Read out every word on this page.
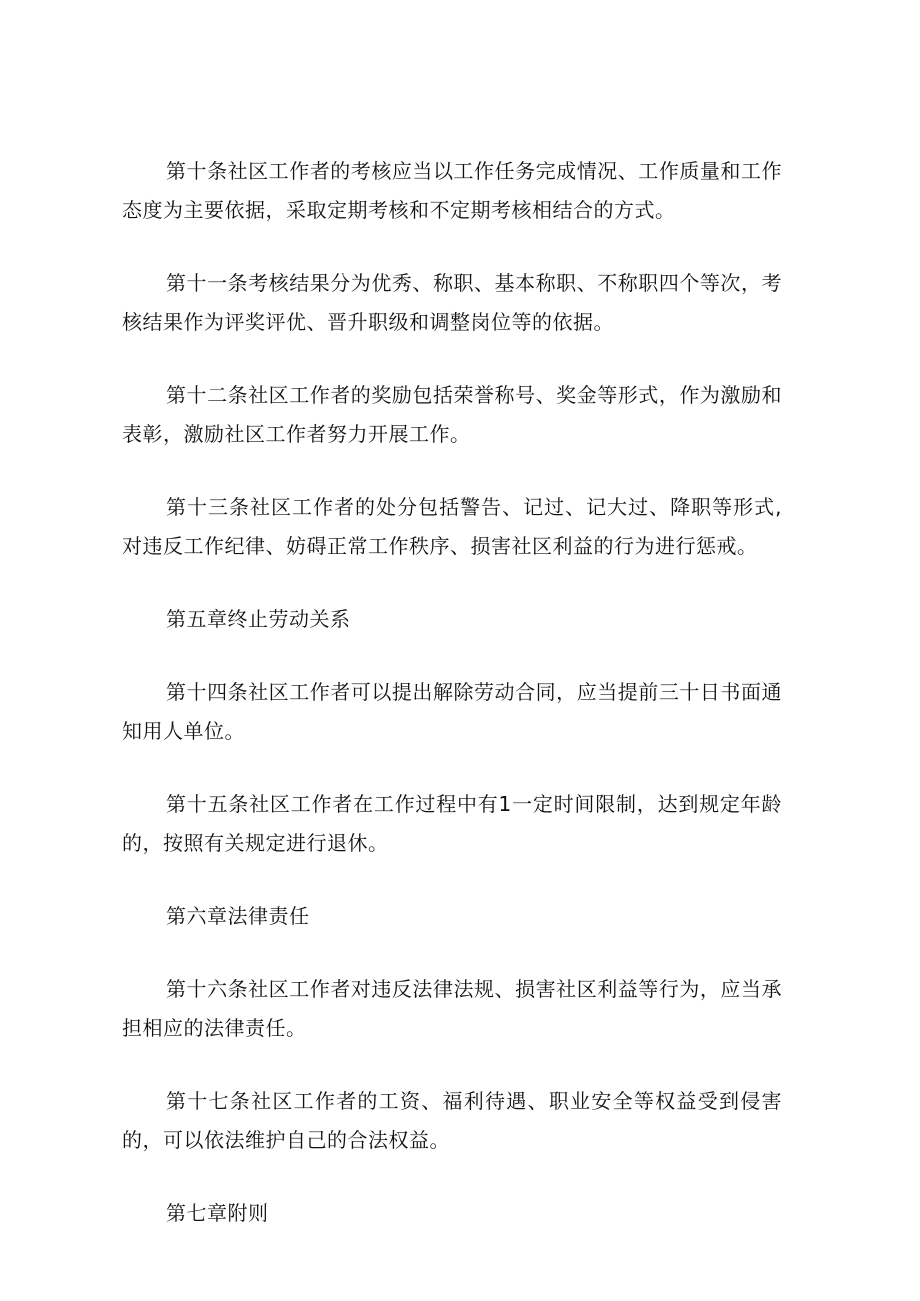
第十条社区工作者的考核应当以工作任务完成情况、工作质量和工作态度为主要依据，采取定期考核和不定期考核相结合的方式。

第十一条考核结果分为优秀、称职、基本称职、不称职四个等次，考核结果作为评奖评优、晋升职级和调整岗位等的依据。

第十二条社区工作者的奖励包括荣誉称号、奖金等形式，作为激励和表彰，激励社区工作者努力开展工作。

第十三条社区工作者的处分包括警告、记过、记大过、降职等形式,对违反工作纪律、妨碍正常工作秩序、损害社区利益的行为进行惩戒。

第五章终止劳动关系

第十四条社区工作者可以提出解除劳动合同，应当提前三十日书面通知用人单位。

第十五条社区工作者在工作过程中有1一定时间限制，达到规定年龄的，按照有关规定进行退休。

第六章法律责任

第十六条社区工作者对违反法律法规、损害社区利益等行为，应当承担相应的法律责任。

第十七条社区工作者的工资、福利待遇、职业安全等权益受到侵害的，可以依法维护自己的合法权益。

第七章附则
